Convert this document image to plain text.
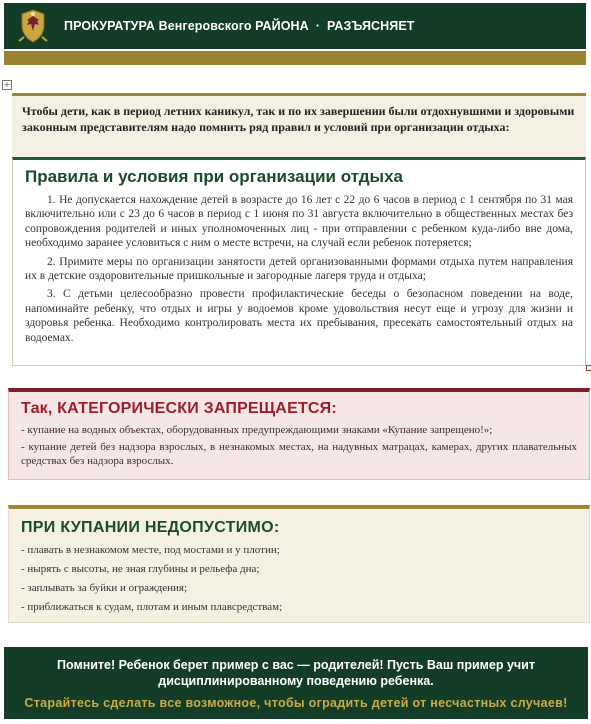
ПРОКУРАТУРА Венгеровского РАЙОНА · РАЗЪЯСНЯЕТ
+
Чтобы дети, как в период летних каникул, так и по их завершении были отдохнувшими и здоровыми законным представителям надо помнить ряд правил и условий при организации отдыха:
Правила и условия при организации отдыха

1. Не допускается нахождение детей в возрасте до 16 лет с 22 до 6 часов в период с 1 сентября по 31 мая включительно или с 23 до 6 часов в период с 1 июня по 31 августа включительно в общественных местах без сопровождения родителей и иных уполномоченных лиц - при отправлении с ребенком куда-либо вне дома, необходимо заранее условиться с ним о месте встречи, на случай если ребенок потеряется;

2. Примите меры по организации занятости детей организованными формами отдыха путем направления их в детские оздоровительные пришкольные и загородные лагеря труда и отдыха;

3. С детьми целесообразно провести профилактические беседы о безопасном поведении на воде, напоминайте ребенку, что отдых и игры у водоемов кроме удовольствия несут еще и угрозу для жизни и здоровья ребенка. Необходимо контролировать места их пребывания, пресекать самостоятельный отдых на водоемах.

Так, КАТЕГОРИЧЕСКИ ЗАПРЕЩАЕТСЯ:
- купание на водных объектах, оборудованных предупреждающими знаками «Купание запрещено!»;
- купание детей без надзора взрослых, в незнакомых местах, на надувных матрацах, камерах, других плавательных средствах без надзора взрослых.
ПРИ КУПАНИИ НЕДОПУСТИМО:
- плавать в незнакомом месте, под мостами и у плотин;
- нырять с высоты, не зная глубины и рельефа дна;
- заплывать за буйки и ограждения;
- приближаться к судам, плотам и иным плавсредствам;
Помните! Ребенок берет пример с вас — родителей! Пусть Ваш пример учит дисциплинированному поведению ребенка.
Старайтесь сделать все возможное, чтобы оградить детей от несчастных случаев!
